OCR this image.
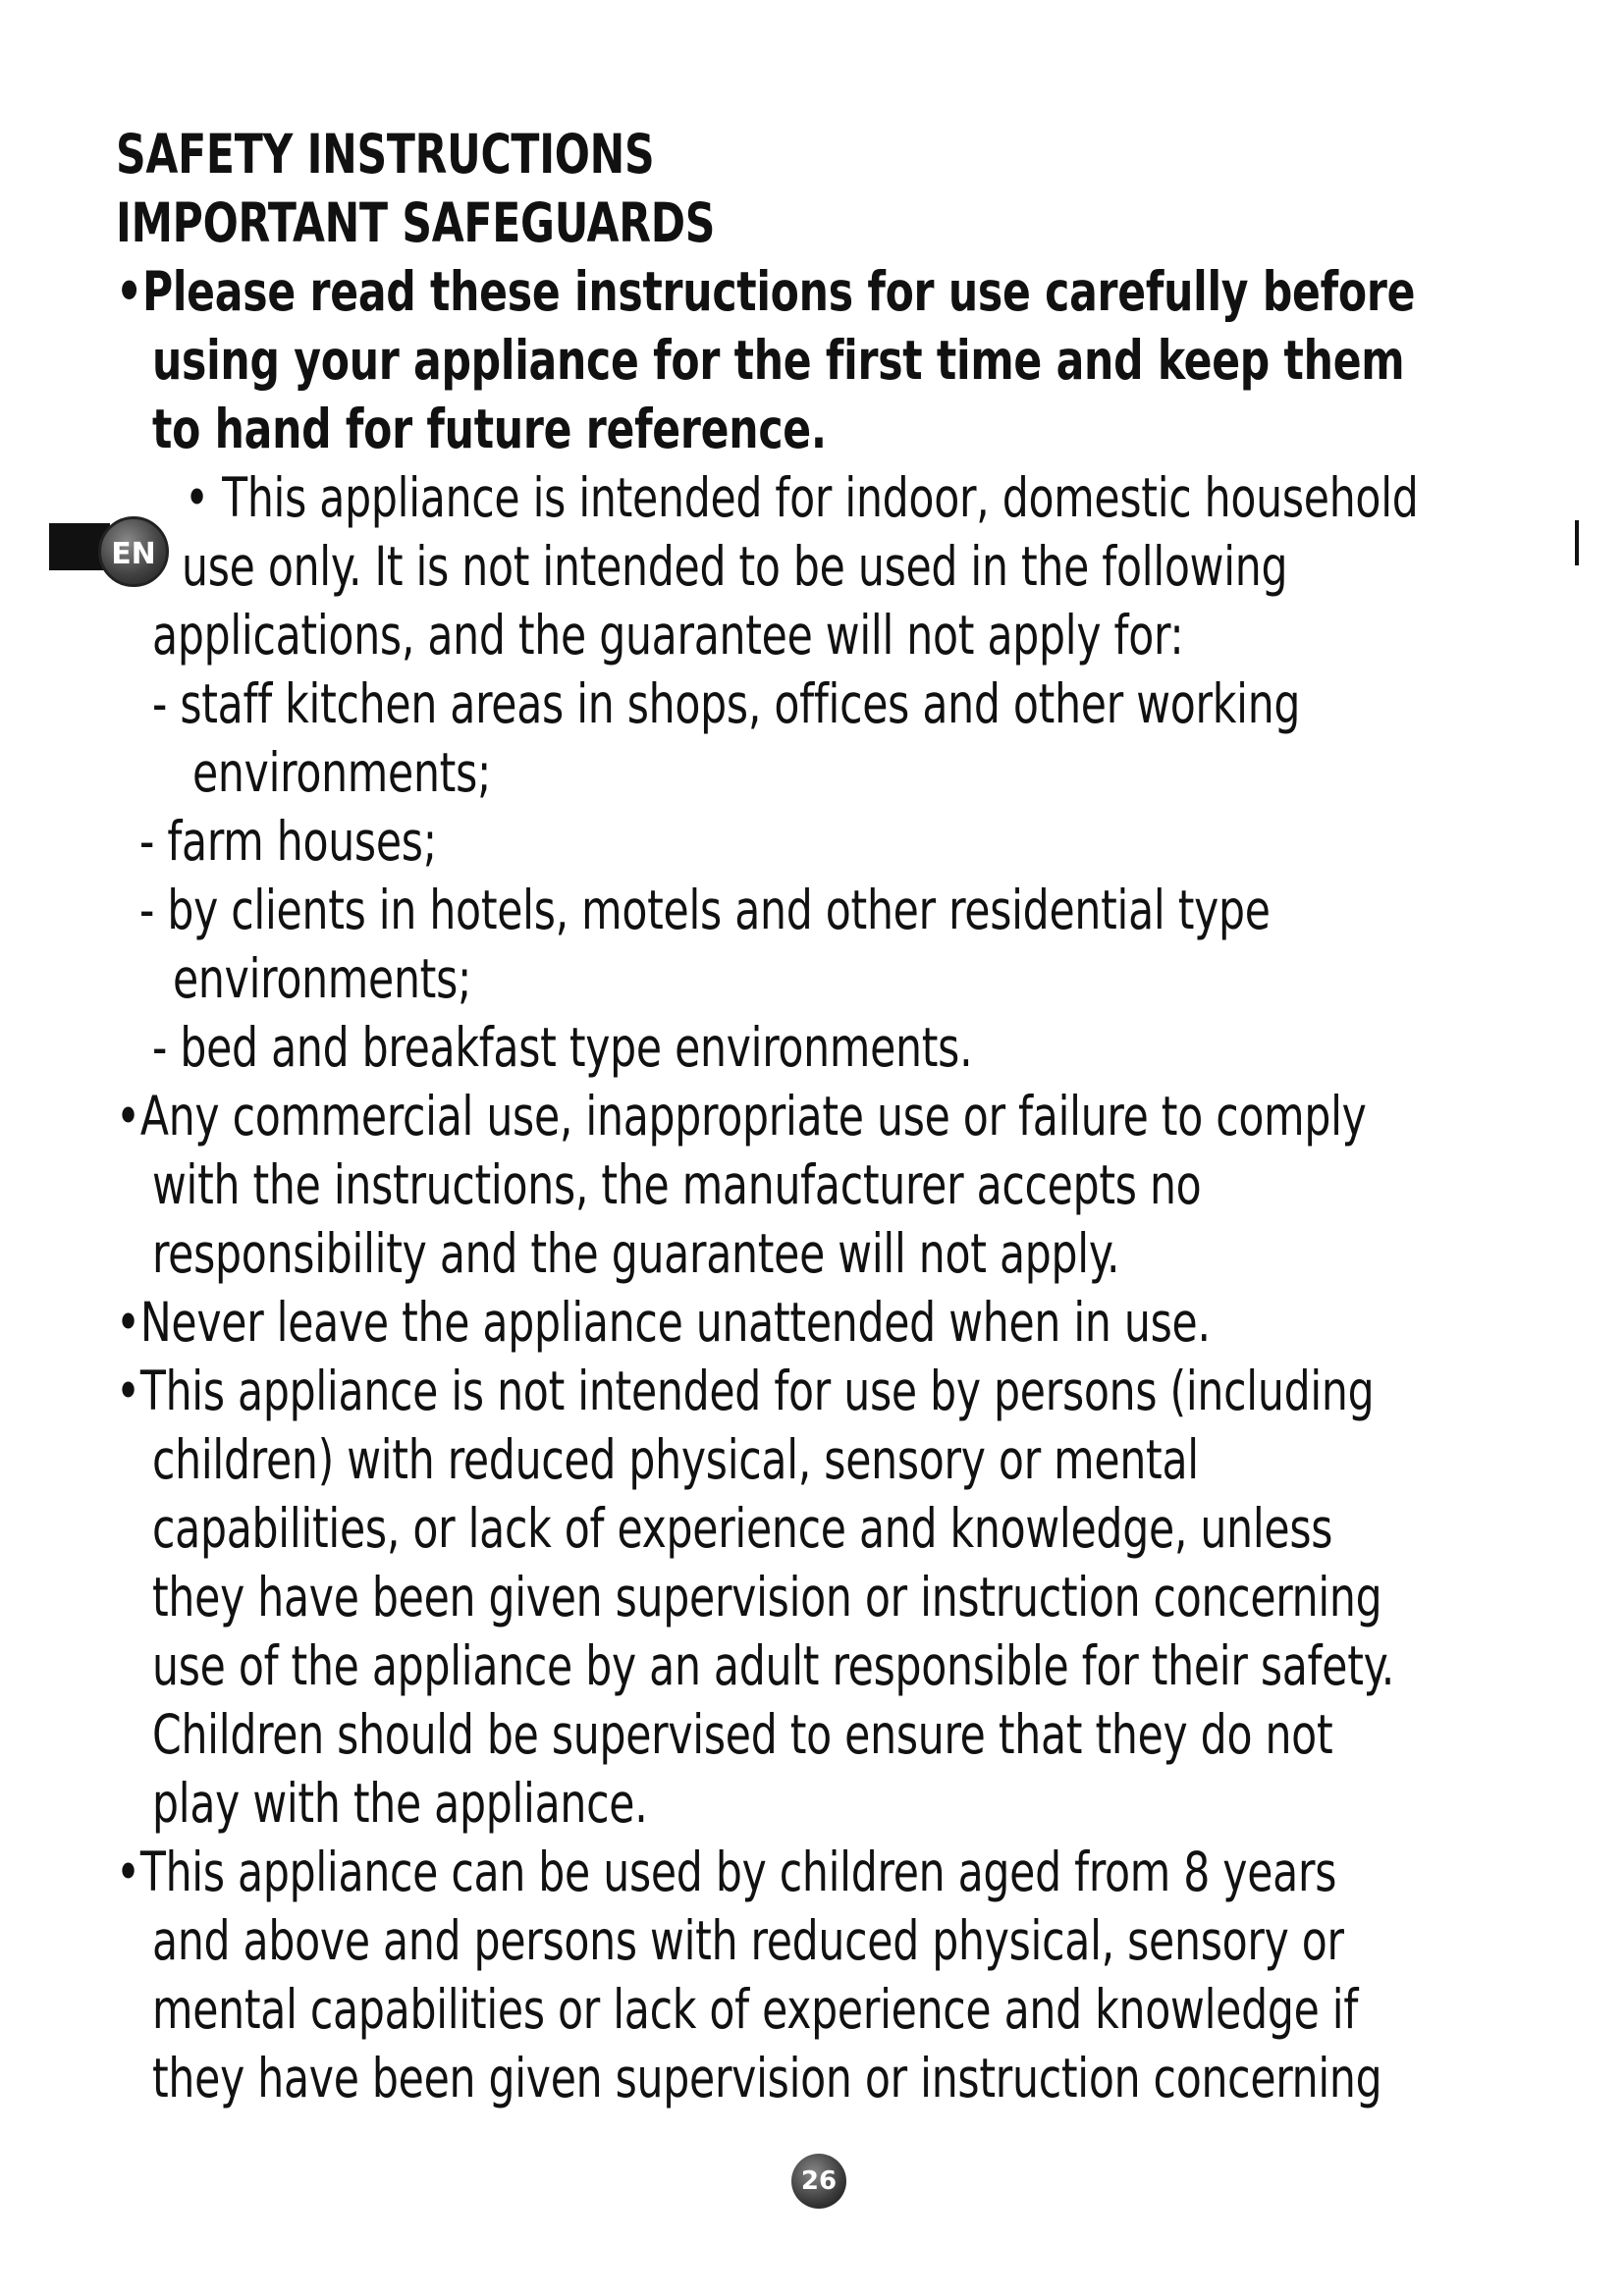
SAFETY INSTRUCTIONS
IMPORTANT SAFEGUARDS
•Please read these instructions for use carefully before
using your appliance for the first time and keep them
to hand for future reference.
EN
• This appliance is intended for indoor, domestic household
use only. It is not intended to be used in the following
applications, and the guarantee will not apply for:
- staff kitchen areas in shops, offices and other working
environments;
- farm houses;
- by clients in hotels, motels and other residential type
environments;
- bed and breakfast type environments.
•Any commercial use, inappropriate use or failure to comply
with the instructions, the manufacturer accepts no
responsibility and the guarantee will not apply.
•Never leave the appliance unattended when in use.
•This appliance is not intended for use by persons (including
children) with reduced physical, sensory or mental
capabilities, or lack of experience and knowledge, unless
they have been given supervision or instruction concerning
use of the appliance by an adult responsible for their safety.
Children should be supervised to ensure that they do not
play with the appliance.
•This appliance can be used by children aged from 8 years
and above and persons with reduced physical, sensory or
mental capabilities or lack of experience and knowledge if
they have been given supervision or instruction concerning
26
